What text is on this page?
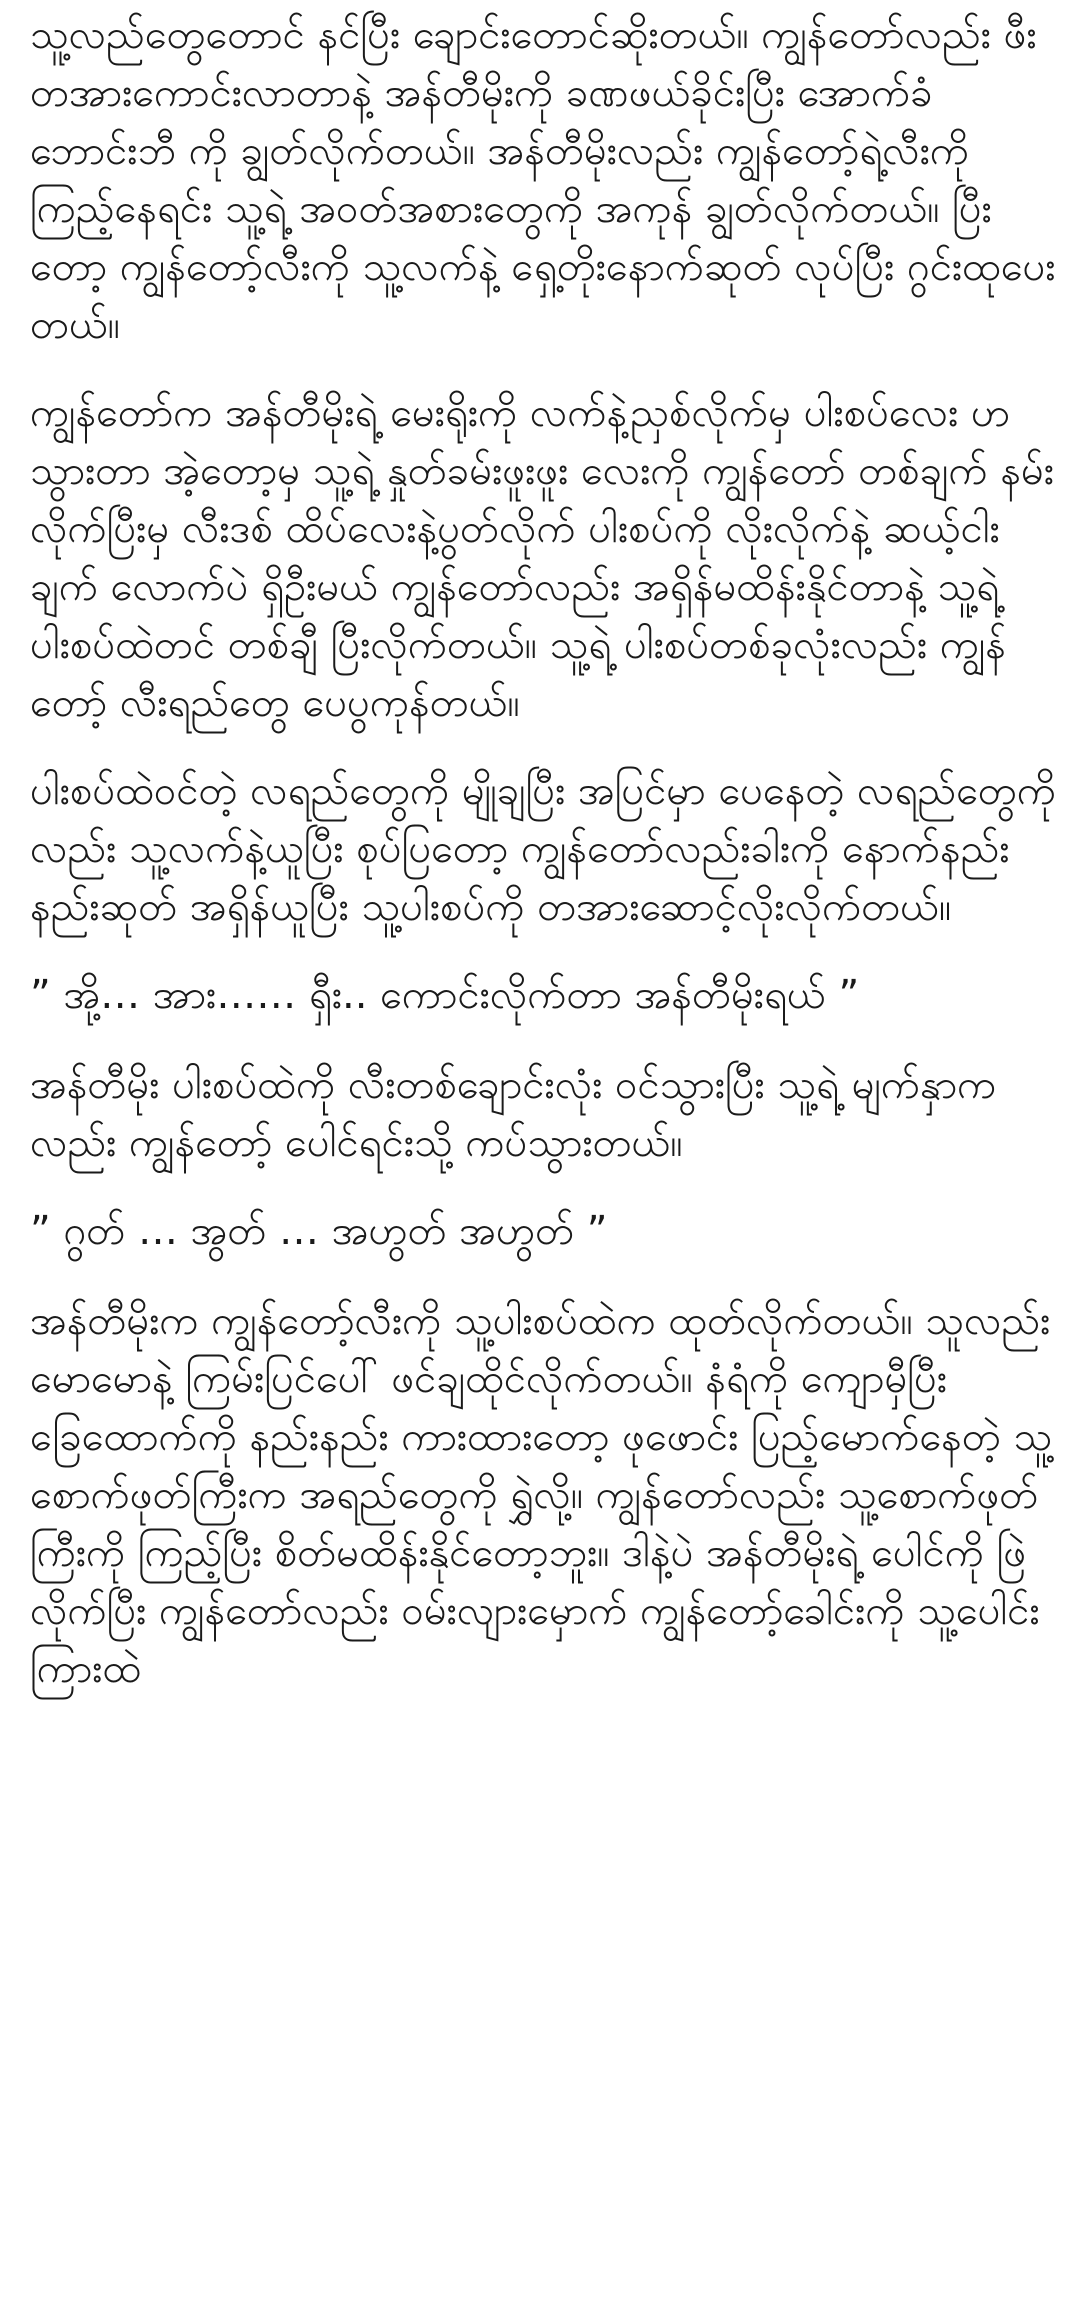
သူ့လည်တွေတောင် နင်ပြီး ချောင်းတောင်ဆိုးတယ်။ ကျွန်တော်လည်း ဖီးတအားကောင်းလာတာနဲ့ အန်တီမိုးကို ခဏဖယ်ခိုင်းပြီး အောက်ခံဘောင်းဘီ ကို ချွတ်လိုက်တယ်။ အန်တီမိုးလည်း ကျွန်တော့်ရဲ့လီးကို ကြည့်နေရင်း သူ့ရဲ့ အဝတ်အစားတွေကို အကုန် ချွတ်လိုက်တယ်။ ပြီးတော့ ကျွန်တော့်လီးကို သူ့လက်နဲ့ ရှေ့တိုးနောက်ဆုတ် လုပ်ပြီး ဂွင်းထုပေးတယ်။

ကျွန်တော်က အန်တီမိုးရဲ့ မေးရိုးကို လက်နဲ့ညှစ်လိုက်မှ ပါးစပ်လေး ဟသွားတာ အဲ့တော့မှ သူ့ရဲ့ နှုတ်ခမ်းဖူးဖူး လေးကို ကျွန်တော် တစ်ချက် နမ်းလိုက်ပြီးမှ လီးဒစ် ထိပ်လေးနဲ့ပွတ်လိုက် ပါးစပ်ကို လိုးလိုက်နဲ့ ဆယ့်ငါးချက် လောက်ပဲ ရှိဦးမယ် ကျွန်တော်လည်း အရှိန်မထိန်းနိုင်တာနဲ့ သူ့ရဲ့ ပါးစပ်ထဲတင် တစ်ချီ ပြီးလိုက်တယ်။ သူ့ရဲ့ ပါးစပ်တစ်ခုလုံးလည်း ကျွန်တော့် လီးရည်တွေ ပေပွကုန်တယ်။

ပါးစပ်ထဲဝင်တဲ့ လရည်တွေကို မျိုချပြီး အပြင်မှာ ပေနေတဲ့ လရည်တွေကိုလည်း သူ့လက်နဲ့ယူပြီး စုပ်ပြတော့ ကျွန်တော်လည်းခါးကို နောက်နည်းနည်းဆုတ် အရှိန်ယူပြီး သူ့ပါးစပ်ကို တအားဆောင့်လိုးလိုက်တယ်။

” အို့… အား…… ရှီး.. ကောင်းလိုက်တာ အန်တီမိုးရယ် ”

အန်တီမိုး ပါးစပ်ထဲကို လီးတစ်ချောင်းလုံး ဝင်သွားပြီး သူ့ရဲ့ မျက်နှာကလည်း ကျွန်တော့် ပေါင်ရင်းသို့ ကပ်သွားတယ်။

” ဂွတ် … အွတ် … အဟွတ် အဟွတ် ”

အန်တီမိုးက ကျွန်တော့်လီးကို သူ့ပါးစပ်ထဲက ထုတ်လိုက်တယ်။ သူလည်း မောမောနဲ့ ကြမ်းပြင်ပေါ် ဖင်ချထိုင်လိုက်တယ်။ နံရံကို ကျောမှီပြီး ခြေထောက်ကို နည်းနည်း ကားထားတော့ ဖုဖောင်း ပြည့်မောက်နေတဲ့ သူ့စောက်ဖုတ်ကြီးက အရည်တွေကို ရွှဲလို့။ ကျွန်တော်လည်း သူ့စောက်ဖုတ်ကြီးကို ကြည့်ပြီး စိတ်မထိန်းနိုင်တော့ဘူး။ ဒါနဲ့ပဲ အန်တီမိုးရဲ့ ပေါင်ကို ဖြဲလိုက်ပြီး ကျွန်တော်လည်း ဝမ်းလျားမှောက် ကျွန်တော့်ခေါင်းကို သူ့ပေါင်းကြားထဲ
